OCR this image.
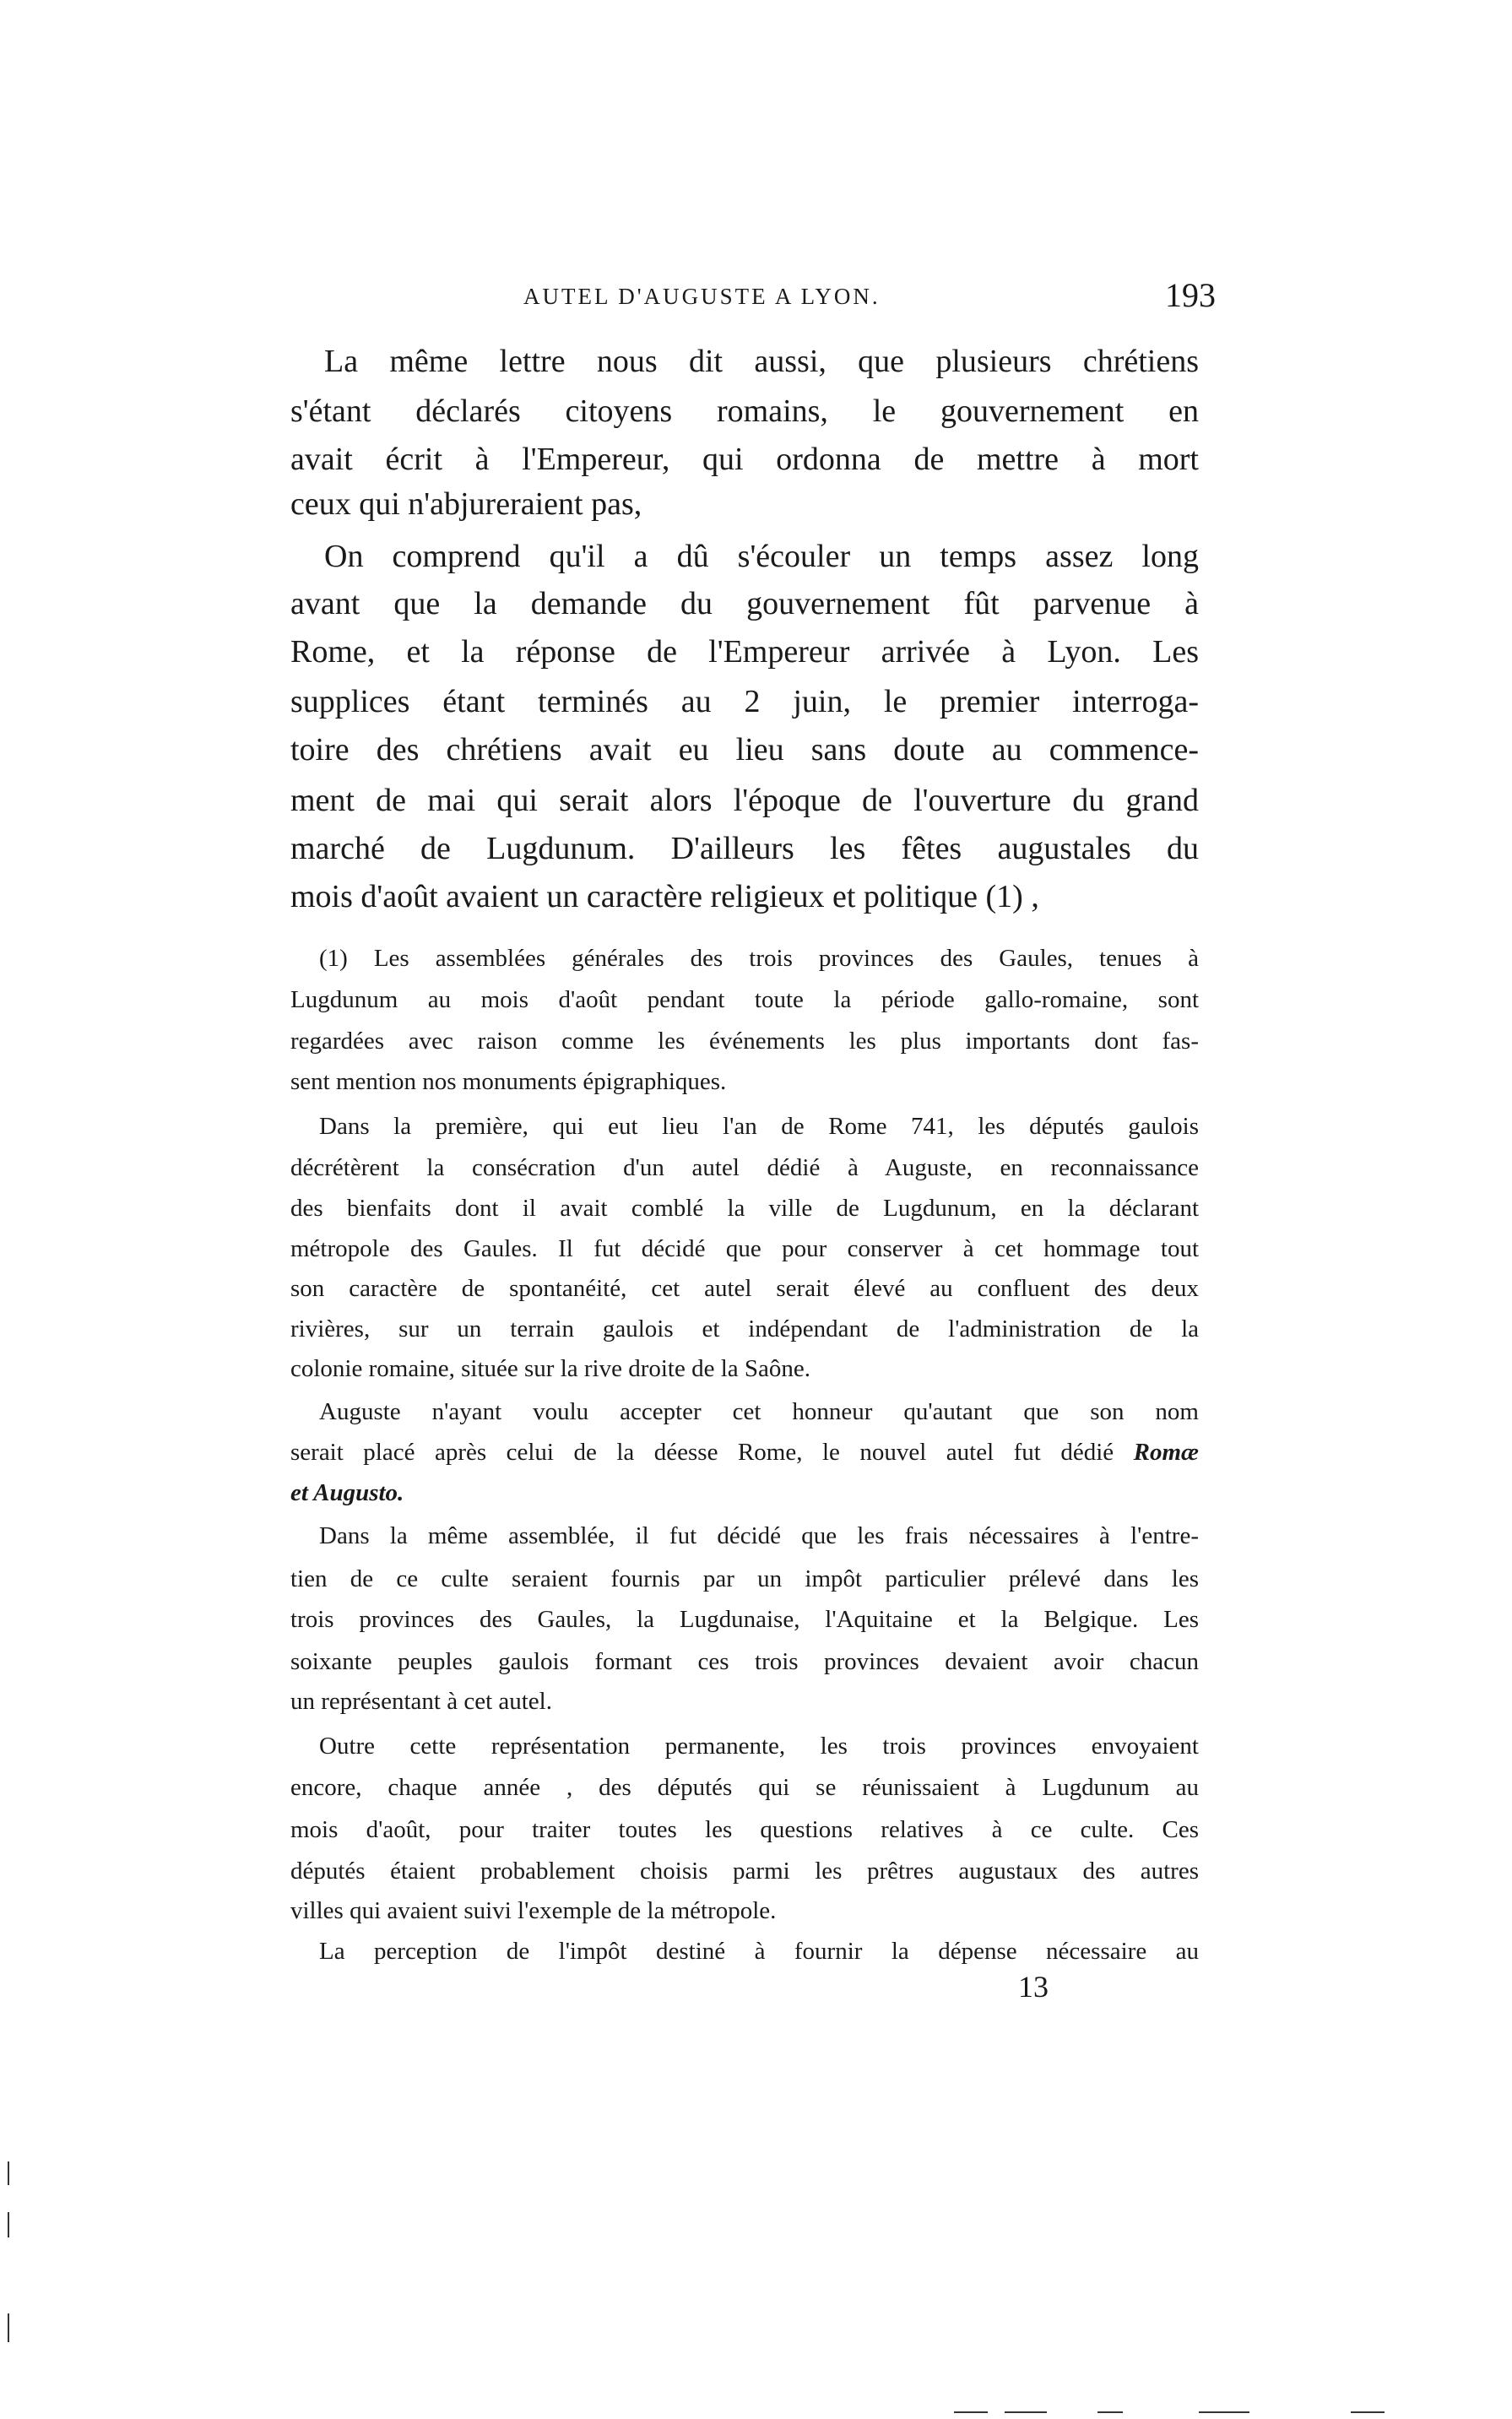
AUTEL D'AUGUSTE A LYON.	193
La même lettre nous dit aussi, que plusieurs chrétiens
s'étant déclarés citoyens romains, le gouvernement en
avait écrit à l'Empereur, qui ordonna de mettre à mort
ceux qui n'abjureraient pas,
On comprend qu'il a dû s'écouler un temps assez long
avant que la demande du gouvernement fût parvenue à
Rome, et la réponse de l'Empereur arrivée à Lyon. Les
supplices étant terminés au 2 juin, le premier interroga-
toire des chrétiens avait eu lieu sans doute au commence-
ment de mai qui serait alors l'époque de l'ouverture du grand
marché de Lugdunum. D'ailleurs les fêtes augustales du
mois d'août avaient un caractère religieux et politique (1) ,
(1) Les assemblées générales des trois provinces des Gaules, tenues à
Lugdunum au mois d'août pendant toute la période gallo-romaine, sont
regardées avec raison comme les événements les plus importants dont fas-
sent mention nos monuments épigraphiques.
Dans la première, qui eut lieu l'an de Rome 741, les députés gaulois
décrétèrent la consécration d'un autel dédié à Auguste, en reconnaissance
des bienfaits dont il avait comblé la ville de Lugdunum, en la déclarant
métropole des Gaules. Il fut décidé que pour conserver à cet hommage tout
son caractère de spontanéité, cet autel serait élevé au confluent des deux
rivières, sur un terrain gaulois et indépendant de l'administration de la
colonie romaine, située sur la rive droite de la Saône.
Auguste n'ayant voulu accepter cet honneur qu'autant que son nom
serait placé après celui de la déesse Rome, le nouvel autel fut dédié Romæ
et Augusto.
Dans la même assemblée, il fut décidé que les frais nécessaires à l'entre-
tien de ce culte seraient fournis par un impôt particulier prélevé dans les
trois provinces des Gaules, la Lugdunaise, l'Aquitaine et la Belgique. Les
soixante peuples gaulois formant ces trois provinces devaient avoir chacun
un représentant à cet autel.
Outre cette représentation permanente, les trois provinces envoyaient
encore, chaque année , des députés qui se réunissaient à Lugdunum au
mois d'août, pour traiter toutes les questions relatives à ce culte. Ces
députés étaient probablement choisis parmi les prêtres augustaux des autres
villes qui avaient suivi l'exemple de la métropole.
La perception de l'impôt destiné à fournir la dépense nécessaire au
13
